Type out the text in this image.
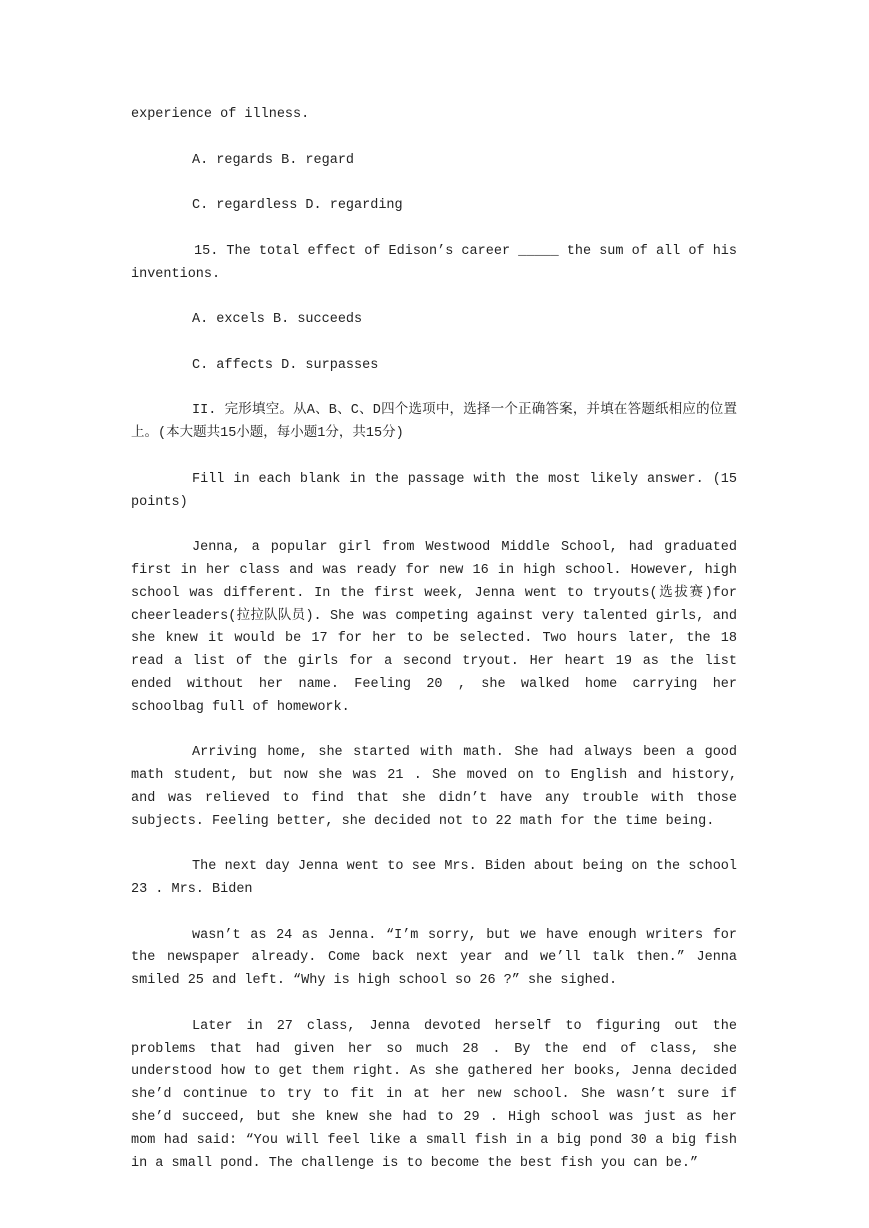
experience of illness.

A. regards B. regard

C. regardless D. regarding

15. The total effect of Edison’s career _____ the sum of all of his inventions.

A. excels B. succeeds

C. affects D. surpasses

II. 完形填空。从A、B、C、D四个选项中，选择一个正确答案，并填在答题纸相应的位置上。(本大题共15小题，每小题1分，共15分)

Fill in each blank in the passage with the most likely answer. (15 points)

Jenna, a popular girl from Westwood Middle School, had graduated first in her class and was ready for new 16 in high school. However, high school was different. In the first week, Jenna went to tryouts(选拔赛)for cheerleaders(拉拉队队员). She was competing against very talented girls, and she knew it would be 17 for her to be selected. Two hours later, the 18 read a list of the girls for a second tryout. Her heart 19 as the list ended without her name. Feeling 20 , she walked home carrying her schoolbag full of homework.

Arriving home, she started with math. She had always been a good math student, but now she was 21 . She moved on to English and history, and was relieved to find that she didn’t have any trouble with those subjects. Feeling better, she decided not to 22 math for the time being.

The next day Jenna went to see Mrs. Biden about being on the school 23 . Mrs. Biden

wasn’t as 24 as Jenna. “I’m sorry, but we have enough writers for the newspaper already. Come back next year and we’ll talk then.” Jenna smiled 25 and left. “Why is high school so 26 ?” she sighed.

Later in 27 class, Jenna devoted herself to figuring out the problems that had given her so much 28 . By the end of class, she understood how to get them right. As she gathered her books, Jenna decided she’d continue to try to fit in at her new school. She wasn’t sure if she’d succeed, but she knew she had to 29 . High school was just as her mom had said: “You will feel like a small fish in a big pond 30 a big fish in a small pond. The challenge is to become the best fish you can be.”
